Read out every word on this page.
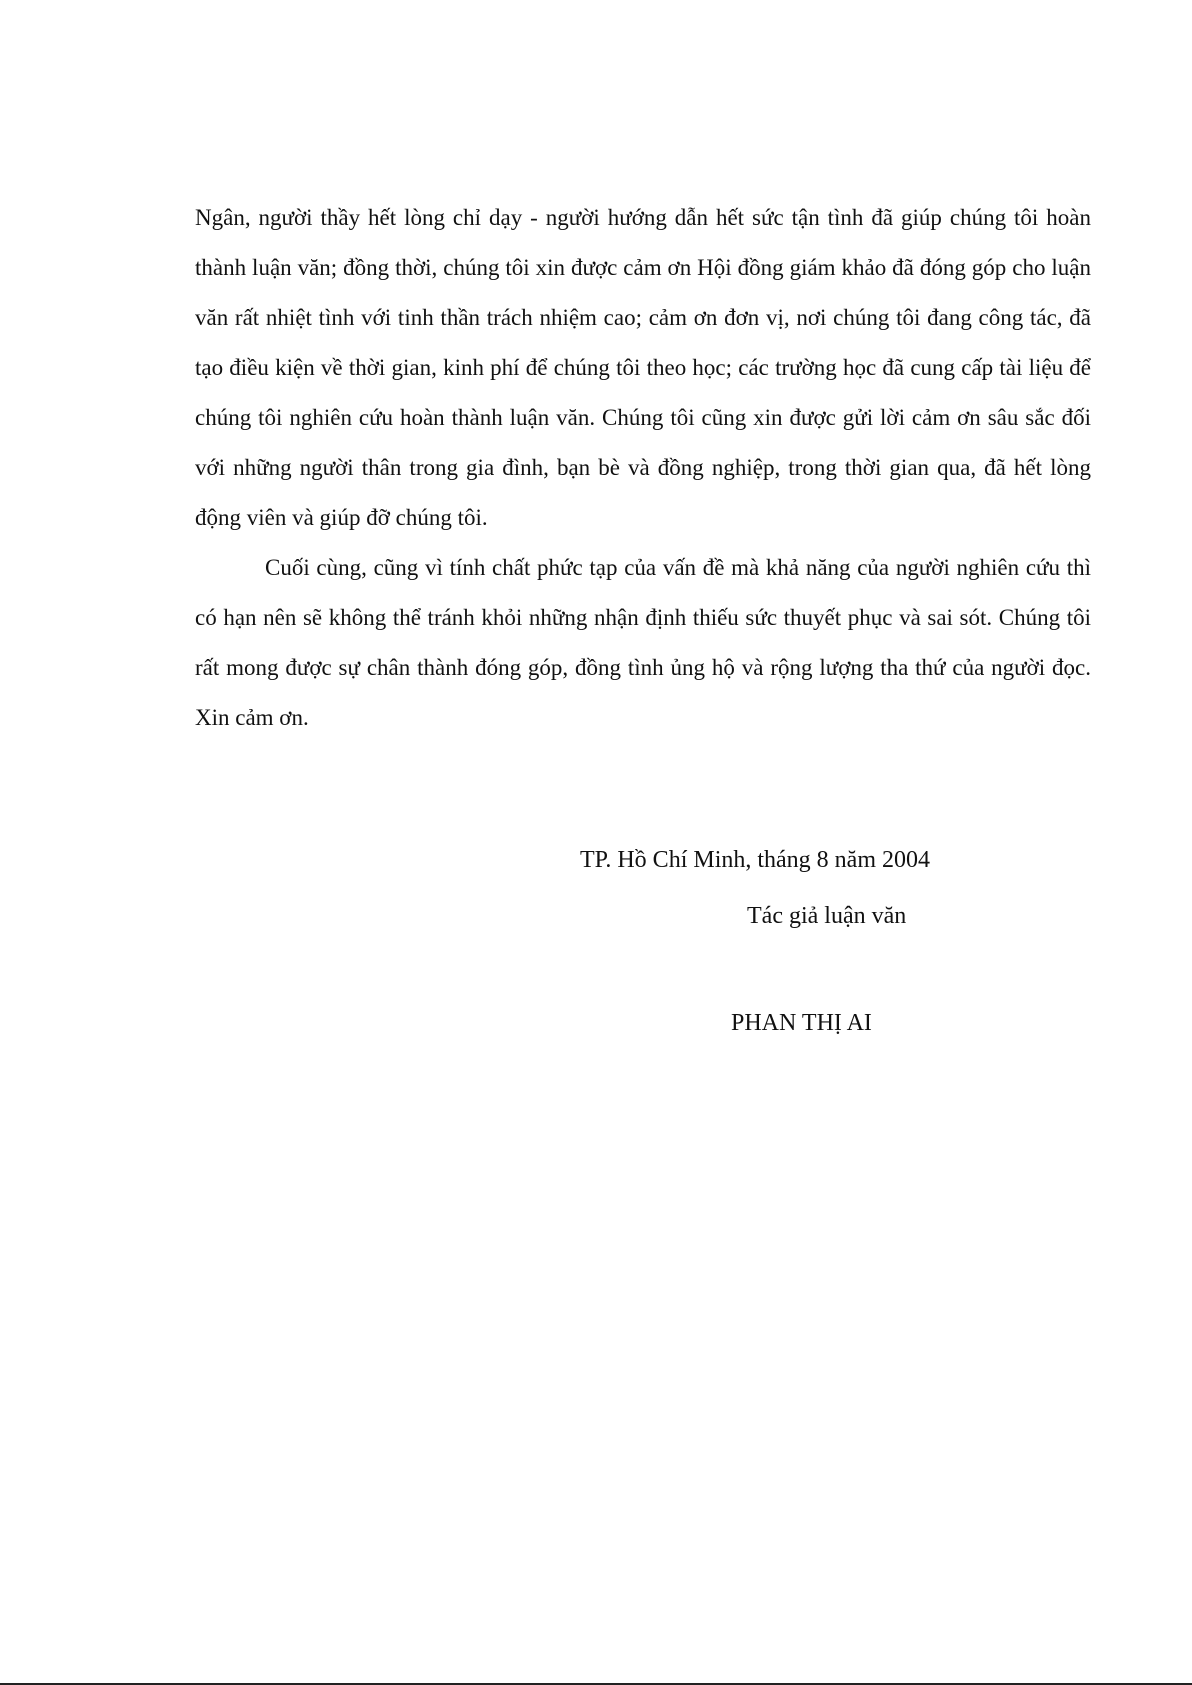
Ngân, người thầy hết lòng chỉ dạy - người hướng dẫn hết sức tận tình đã giúp chúng tôi hoàn thành luận văn; đồng thời, chúng tôi xin được cảm ơn Hội đồng giám khảo đã đóng góp cho luận văn rất nhiệt tình với tinh thần trách nhiệm cao; cảm ơn đơn vị, nơi chúng tôi đang công tác, đã tạo điều kiện về thời gian, kinh phí để chúng tôi theo học; các trường học đã cung cấp tài liệu để chúng tôi nghiên cứu hoàn thành luận văn. Chúng tôi cũng xin được gửi lời cảm ơn sâu sắc đối với những người thân trong gia đình, bạn bè và đồng nghiệp, trong thời gian qua, đã hết lòng động viên và giúp đỡ chúng tôi.

Cuối cùng, cũng vì tính chất phức tạp của vấn đề mà khả năng của người nghiên cứu thì có hạn nên sẽ không thể tránh khỏi những nhận định thiếu sức thuyết phục và sai sót. Chúng tôi rất mong được sự chân thành đóng góp, đồng tình ủng hộ và rộng lượng tha thứ của người đọc. Xin cảm ơn.

TP. Hồ Chí Minh, tháng 8 năm 2004
Tác giả luận văn
PHAN THỊ AI
